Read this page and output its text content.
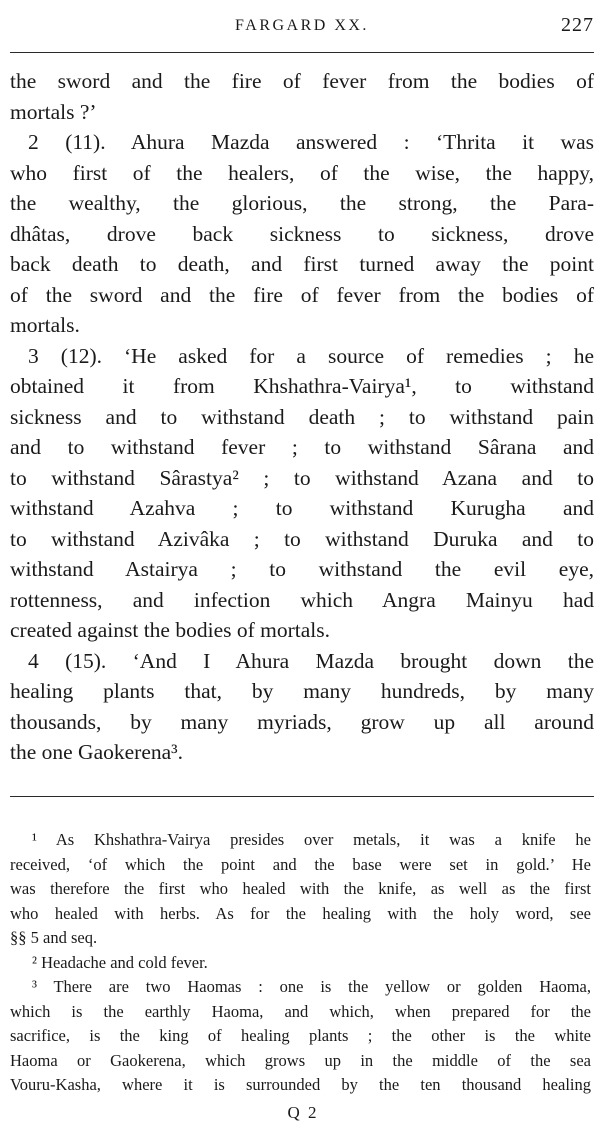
FARGARD XX.	227
the sword and the fire of fever from the bodies of
mortals ?’
2 (11). Ahura Mazda answered : ‘Thrita it was
who first of the healers, of the wise, the happy,
the wealthy, the glorious, the strong, the Para-
dhâtas, drove back sickness to sickness, drove
back death to death, and first turned away the point
of the sword and the fire of fever from the bodies of
mortals.
3 (12). ‘He asked for a source of remedies ; he
obtained it from Khshathra-Vairya¹, to withstand
sickness and to withstand death ; to withstand pain
and to withstand fever ; to withstand Sârana and
to withstand Sârastya² ; to withstand Azana and to
withstand Azahva ; to withstand Kurugha and
to withstand Azivâka ; to withstand Duruka and to
withstand Astairya ; to withstand the evil eye,
rottenness, and infection which Angra Mainyu had
created against the bodies of mortals.
4 (15). ‘And I Ahura Mazda brought down the
healing plants that, by many hundreds, by many
thousands, by many myriads, grow up all around
the one Gaokerena³.
¹ As Khshathra-Vairya presides over metals, it was a knife he
received, ‘of which the point and the base were set in gold.’ He
was therefore the first who healed with the knife, as well as the first
who healed with herbs. As for the healing with the holy word, see
§§ 5 and seq.
² Headache and cold fever.
³ There are two Haomas : one is the yellow or golden Haoma,
which is the earthly Haoma, and which, when prepared for the
sacrifice, is the king of healing plants ; the other is the white
Haoma or Gaokerena, which grows up in the middle of the sea
Vouru-Kasha, where it is surrounded by the ten thousand healing
Q 2
